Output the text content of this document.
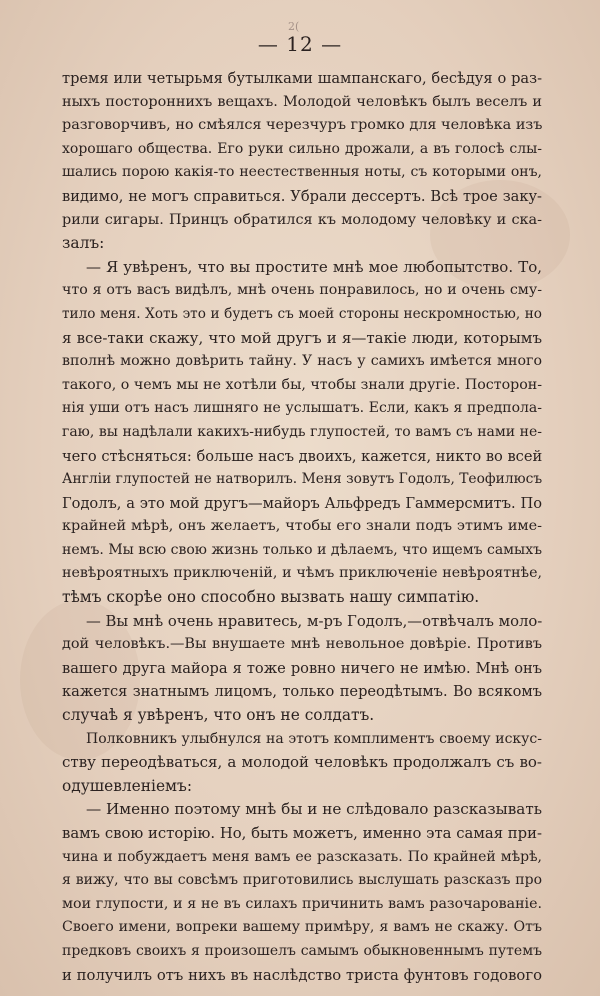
2(
— 12 —
тремя или четырьмя бутылками шампанскаго, бесѣдуя о раз-
ныхъ постороннихъ вещахъ. Молодой человѣкъ былъ веселъ и
разговорчивъ, но смѣялся черезчуръ громко для человѣка изъ
хорошаго общества. Его руки сильно дрожали, а въ голосѣ слы-
шались порою какія-то неестественныя ноты, съ которыми онъ,
видимо, не могъ справиться. Убрали дессертъ. Всѣ трое заку-
рили сигары. Принцъ обратился къ молодому человѣку и ска-
залъ:
— Я увѣренъ, что вы простите мнѣ мое любопытство. То,
что я отъ васъ видѣлъ, мнѣ очень понравилось, но и очень сму-
тило меня. Хоть это и будетъ съ моей стороны нескромностью, но
я все-таки скажу, что мой другъ и я—такіе люди, которымъ
вполнѣ можно довѣрить тайну. У насъ у самихъ имѣется много
такого, о чемъ мы не хотѣли бы, чтобы знали другіе. Посторон-
нія уши отъ насъ лишняго не услышатъ. Если, какъ я предпола-
гаю, вы надѣлали какихъ-нибудь глупостей, то вамъ съ нами не-
чего стѣсняться: больше насъ двоихъ, кажется, никто во всей
Англіи глупостей не натворилъ. Меня зовутъ Годолъ, Теофилюсъ
Годолъ, а это мой другъ—майоръ Альфредъ Гаммерсмитъ. По
крайней мѣрѣ, онъ желаетъ, чтобы его знали подъ этимъ име-
немъ. Мы всю свою жизнь только и дѣлаемъ, что ищемъ самыхъ
невѣроятныхъ приключеній, и чѣмъ приключеніе невѣроятнѣе,
тѣмъ скорѣе оно способно вызвать нашу симпатію.
— Вы мнѣ очень нравитесь, м-ръ Годолъ,—отвѣчалъ моло-
дой человѣкъ.—Вы внушаете мнѣ невольное довѣріе. Противъ
вашего друга майора я тоже ровно ничего не имѣю. Мнѣ онъ
кажется знатнымъ лицомъ, только переодѣтымъ. Во всякомъ
случаѣ я увѣренъ, что онъ не солдатъ.
Полковникъ улыбнулся на этотъ комплиментъ своему искус-
ству переодѣваться, а молодой человѣкъ продолжалъ съ во-
одушевленіемъ:
— Именно поэтому мнѣ бы и не слѣдовало разсказывать
вамъ свою исторію. Но, быть можетъ, именно эта самая при-
чина и побуждаетъ меня вамъ ее разсказать. По крайней мѣрѣ,
я вижу, что вы совсѣмъ приготовились выслушать разсказъ про
мои глупости, и я не въ силахъ причинить вамъ разочарованіе.
Своего имени, вопреки вашему примѣру, я вамъ не скажу. Отъ
предковъ своихъ я произошелъ самымъ обыкновеннымъ путемъ
и получилъ отъ нихъ въ наслѣдство триста фунтовъ годового
